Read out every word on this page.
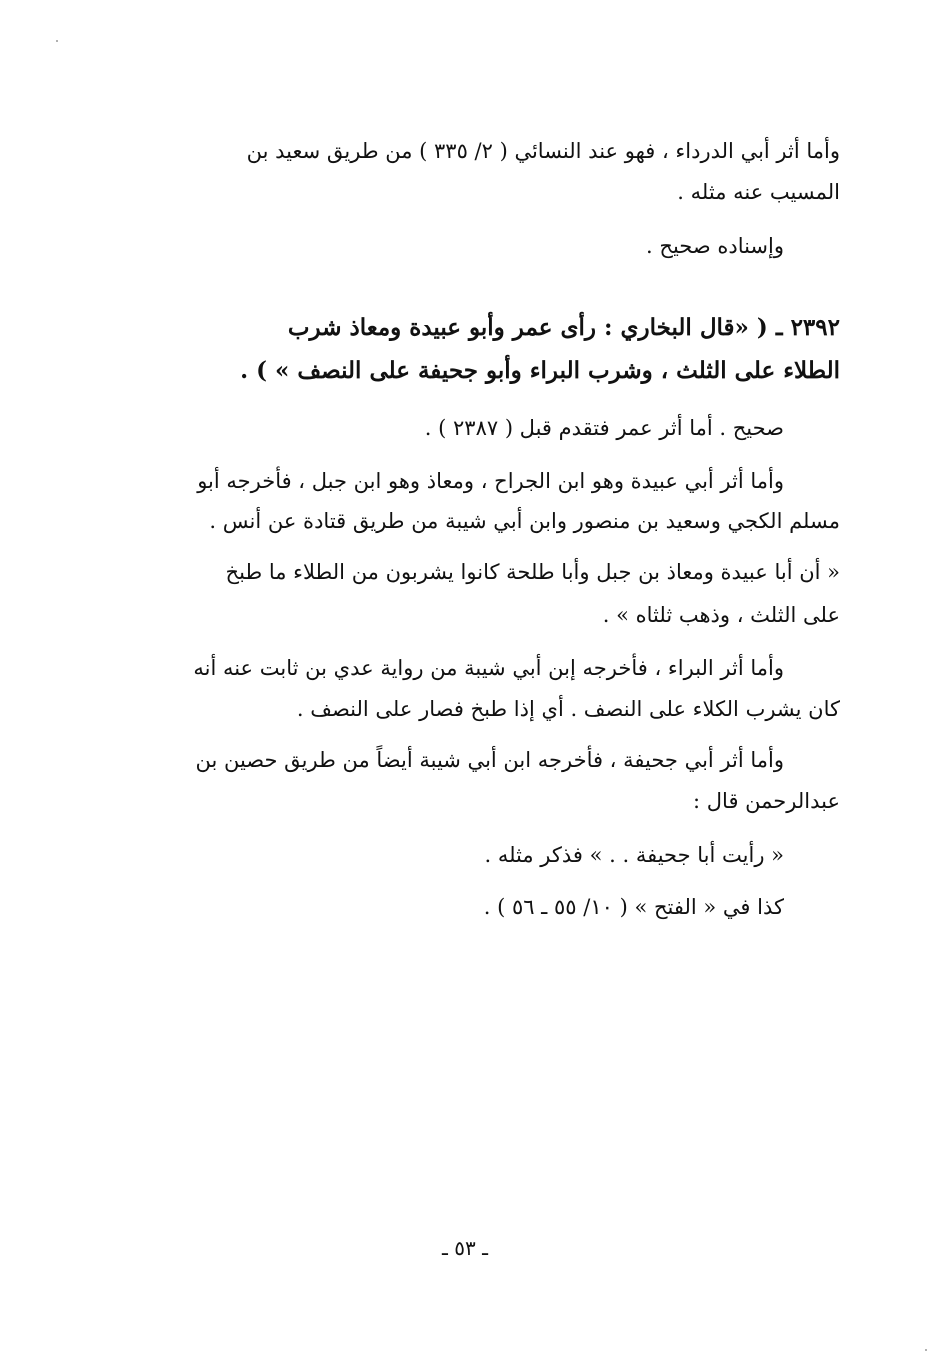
وأما أثر أبي الدرداء ، فهو عند النسائي ( ٢/ ٣٣٥ ) من طريق سعيد بن
المسيب عنه مثله .
وإسناده صحيح .
٢٣٩٢ ـ ( «قال البخاري : رأى عمر وأبو عبيدة ومعاذ شرب
الطلاء على الثلث ، وشرب البراء وأبو جحيفة على النصف » ) .
صحيح . أما أثر عمر فتقدم قبل ( ٢٣٨٧ ) .
وأما أثر أبي عبيدة وهو ابن الجراح ، ومعاذ وهو ابن جبل ، فأخرجه أبو
مسلم الكجي وسعيد بن منصور وابن أبي شيبة من طريق قتادة عن أنس .
« أن أبا عبيدة ومعاذ بن جبل وأبا طلحة كانوا يشربون من الطلاء ما طبخ
على الثلث ، وذهب ثلثاه » .
وأما أثر البراء ، فأخرجه إبن أبي شيبة من رواية عدي بن ثابت عنه أنه
كان يشرب الكلاء على النصف . أي إذا طبخ فصار على النصف .
وأما أثر أبي جحيفة ، فأخرجه ابن أبي شيبة أيضاً من طريق حصين بن
عبدالرحمن قال :
« رأيت أبا جحيفة . . » فذكر مثله .
كذا في « الفتح » ( ١٠/ ٥٥ ـ ٥٦ ) .
ـ ٥٣ ـ
